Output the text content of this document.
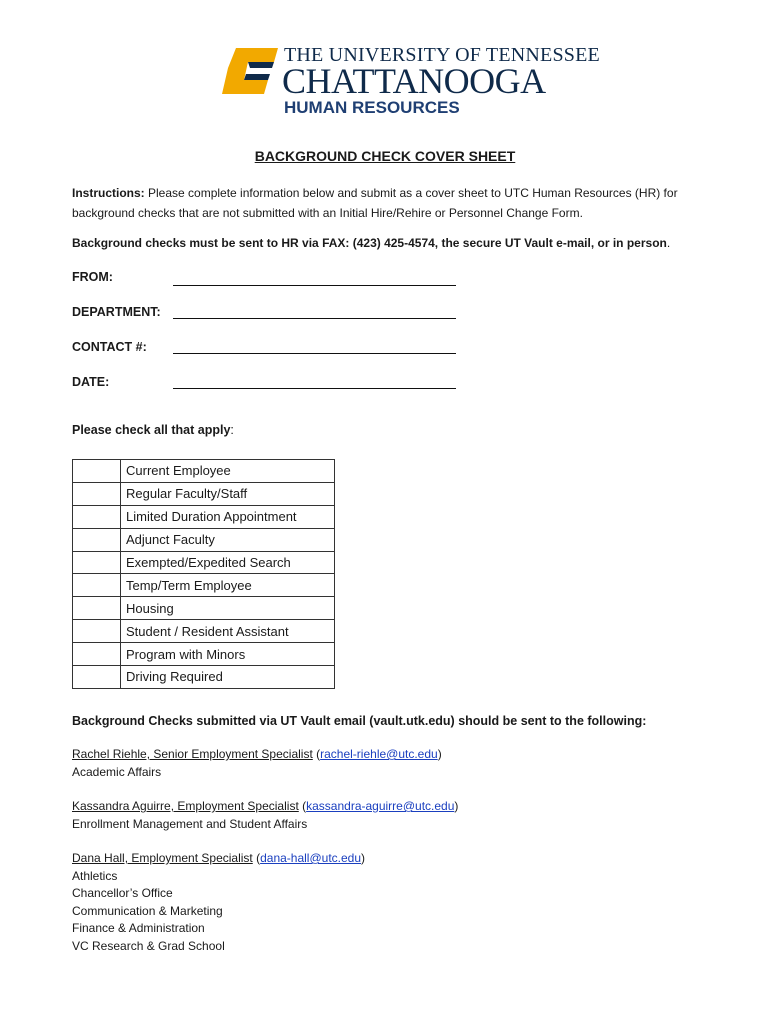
THE UNIVERSITY OF TENNESSEE
CHATTANOOGA
HUMAN RESOURCES
BACKGROUND CHECK COVER SHEET
Instructions: Please complete information below and submit as a cover sheet to UTC Human Resources (HR) for background checks that are not submitted with an Initial Hire/Rehire or Personnel Change Form.
Background checks must be sent to HR via FAX: (423) 425-4574, the secure UT Vault e-mail, or in person.
FROM:
DEPARTMENT:
CONTACT #:
DATE:
Please check all that apply:
	Current Employee
	Regular Faculty/Staff
	Limited Duration Appointment
	Adjunct Faculty
	Exempted/Expedited Search
	Temp/Term Employee
	Housing
	Student / Resident Assistant
	Program with Minors
	Driving Required
Background Checks submitted via UT Vault email (vault.utk.edu) should be sent to the following:
Rachel Riehle, Senior Employment Specialist (rachel-riehle@utc.edu)
Academic Affairs
Kassandra Aguirre, Employment Specialist (kassandra-aguirre@utc.edu)
Enrollment Management and Student Affairs
Dana Hall, Employment Specialist (dana-hall@utc.edu)
Athletics
Chancellor’s Office
Communication & Marketing
Finance & Administration
VC Research & Grad School
